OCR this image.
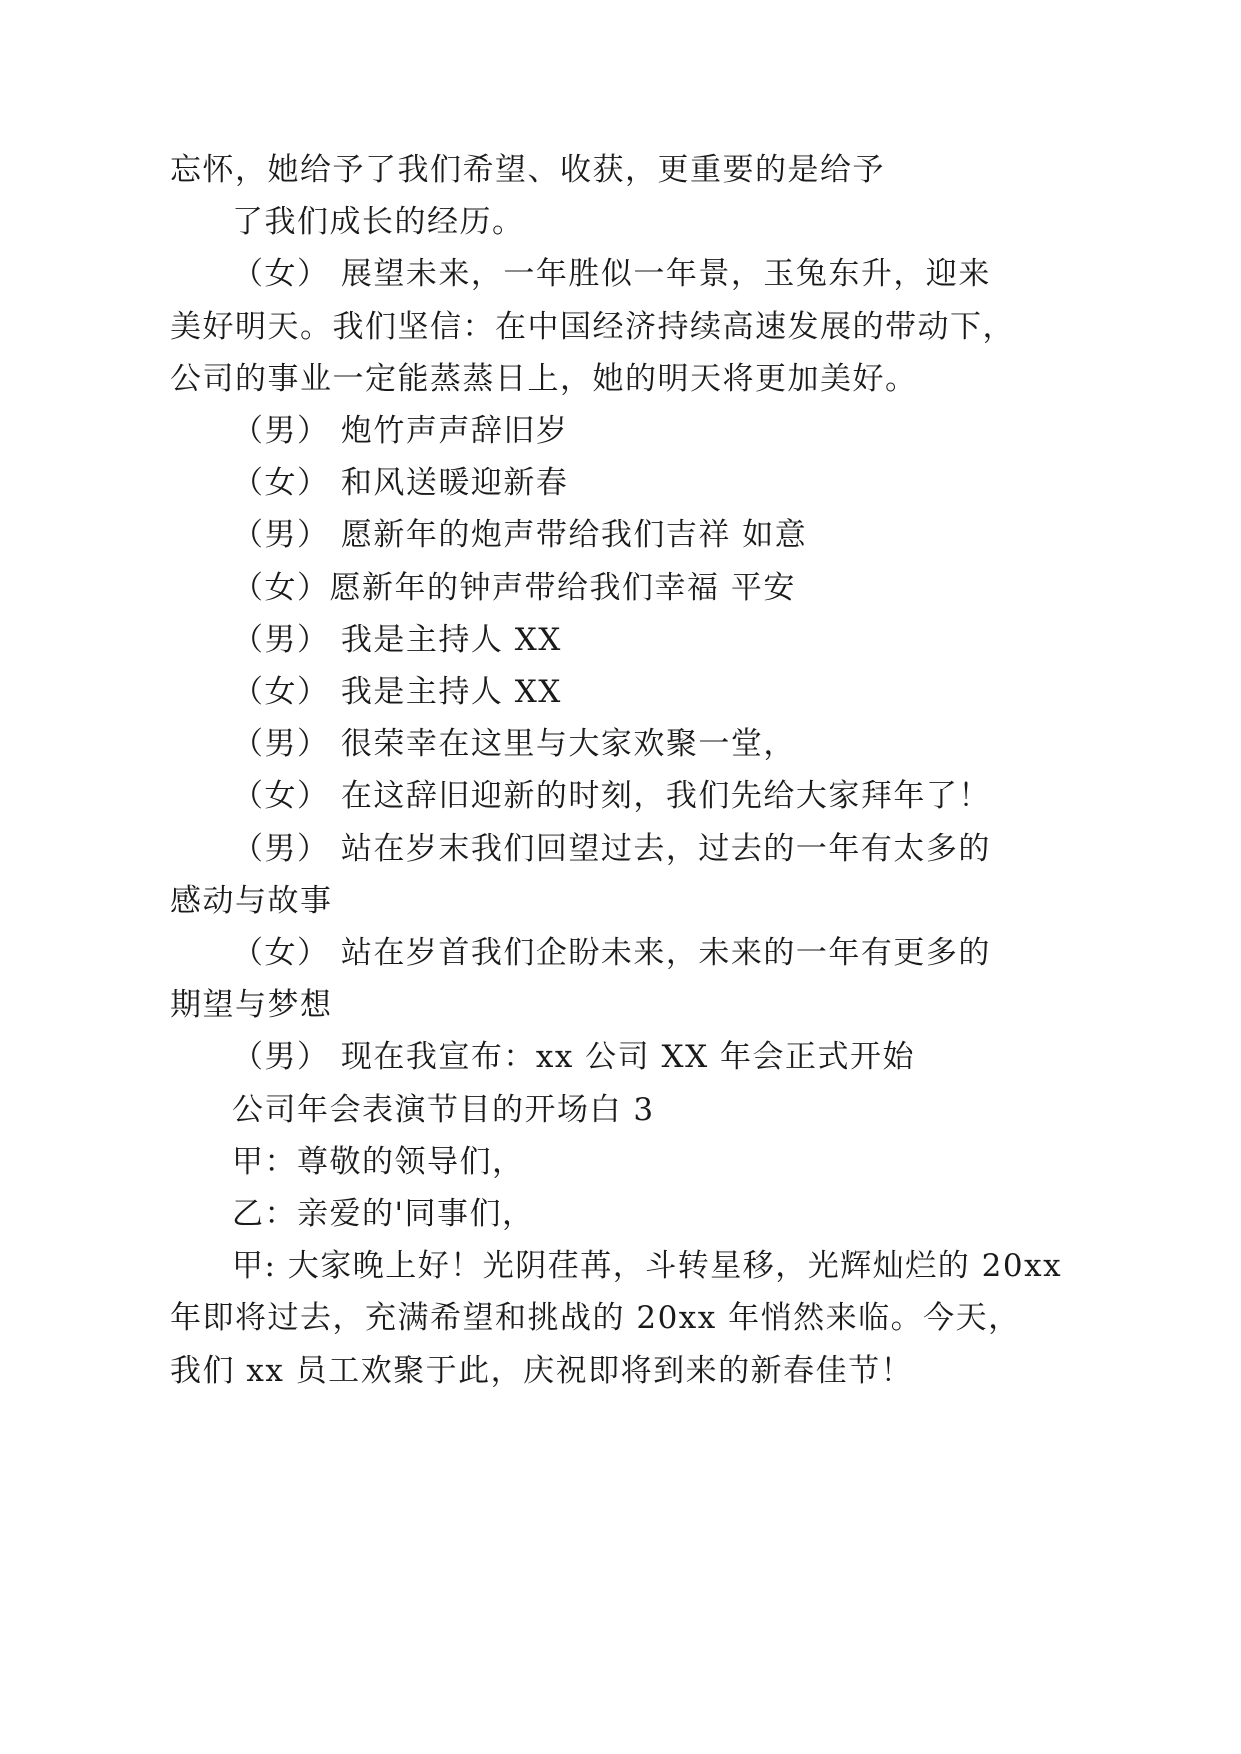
忘怀，她给予了我们希望、收获，更重要的是给予
了我们成长的经历。
（女） 展望未来，一年胜似一年景，玉兔东升，迎来
美好明天。我们坚信：在中国经济持续高速发展的带动下，
公司的事业一定能蒸蒸日上，她的明天将更加美好。
（男） 炮竹声声辞旧岁
（女） 和风送暖迎新春
（男） 愿新年的炮声带给我们吉祥 如意
（女）愿新年的钟声带给我们幸福 平安
（男） 我是主持人 XX
（女） 我是主持人 XX
（男） 很荣幸在这里与大家欢聚一堂，
（女） 在这辞旧迎新的时刻，我们先给大家拜年了！
（男） 站在岁末我们回望过去，过去的一年有太多的
感动与故事
（女） 站在岁首我们企盼未来，未来的一年有更多的
期望与梦想
（男） 现在我宣布：xx 公司 XX 年会正式开始
公司年会表演节目的开场白 3
甲：尊敬的领导们，
乙：亲爱的'同事们，
甲: 大家晚上好！光阴荏苒，斗转星移，光辉灿烂的 20xx
年即将过去，充满希望和挑战的 20xx 年悄然来临。今天，
我们 xx 员工欢聚于此，庆祝即将到来的新春佳节！
